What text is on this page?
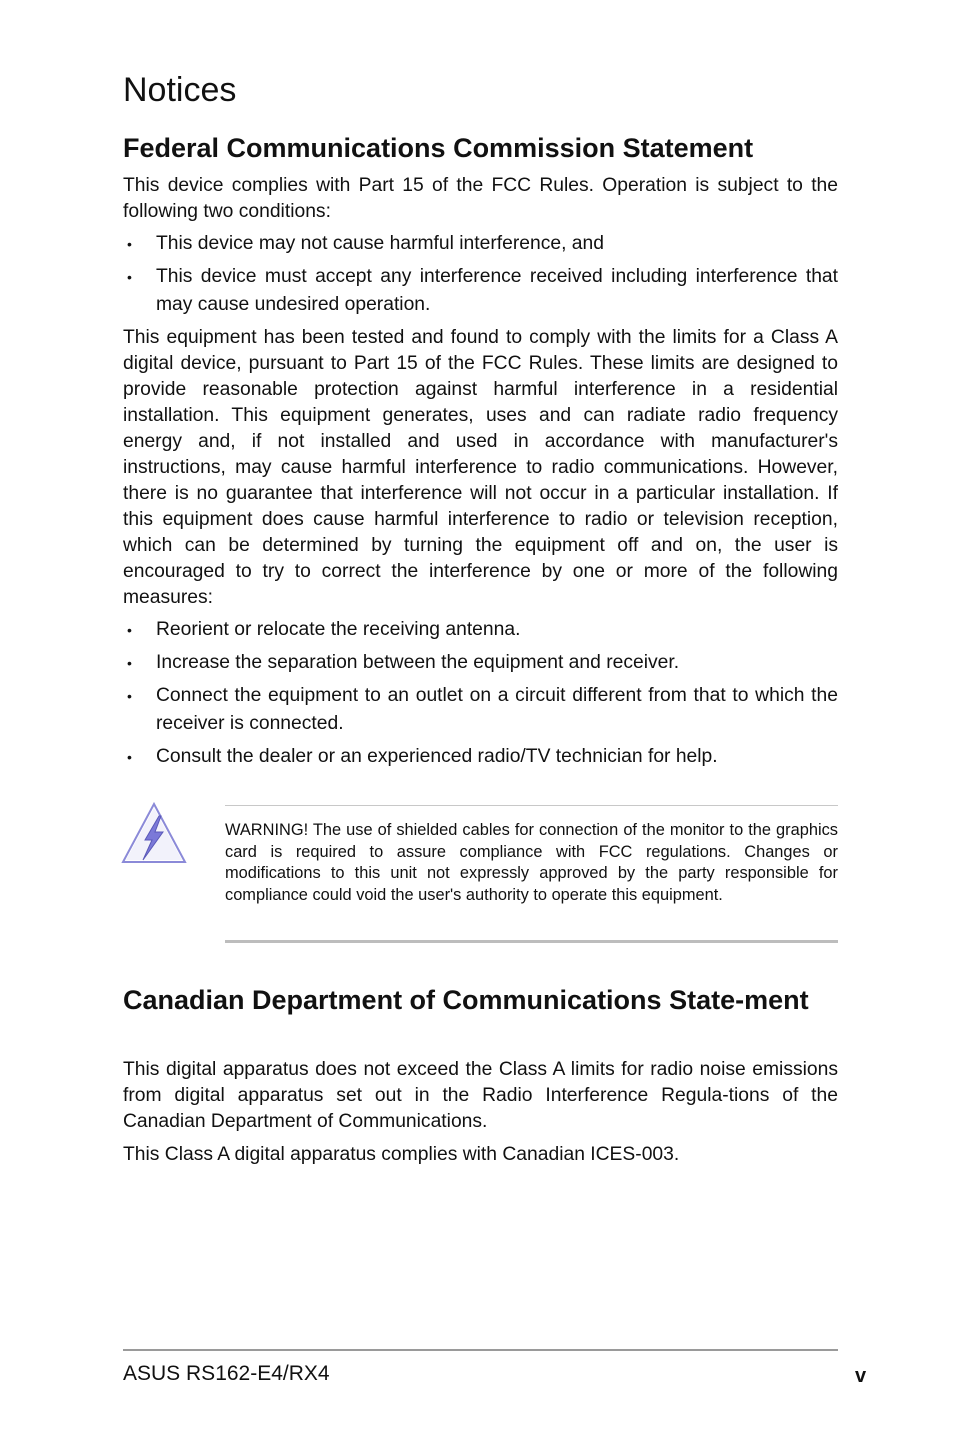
Notices
Federal Communications Commission Statement

This device complies with Part 15 of the FCC Rules. Operation is subject to the following two conditions:

• This device may not cause harmful interference, and
• This device must accept any interference received including interference that may cause undesired operation.

This equipment has been tested and found to comply with the limits for a Class A digital device, pursuant to Part 15 of the FCC Rules. These limits are designed to provide reasonable protection against harmful interference in a residential installation. This equipment generates, uses and can radiate radio frequency energy and, if not installed and used in accordance with manufacturer's instructions, may cause harmful interference to radio communications. However, there is no guarantee that interference will not occur in a particular installation. If this equipment does cause harmful interference to radio or television reception, which can be determined by turning the equipment off and on, the user is encouraged to try to correct the interference by one or more of the following measures:

• Reorient or relocate the receiving antenna.
• Increase the separation between the equipment and receiver.
• Connect the equipment to an outlet on a circuit different from that to which the receiver is connected.
• Consult the dealer or an experienced radio/TV technician for help.

WARNING! The use of shielded cables for connection of the monitor to the graphics card is required to assure compliance with FCC regulations. Changes or modifications to this unit not expressly approved by the party responsible for compliance could void the user's authority to operate this equipment.

Canadian Department of Communications State-ment

This digital apparatus does not exceed the Class A limits for radio noise emissions from digital apparatus set out in the Radio Interference Regula-tions of the Canadian Department of Communications.

This Class A digital apparatus complies with Canadian ICES-003.

ASUS RS162-E4/RX4	v
